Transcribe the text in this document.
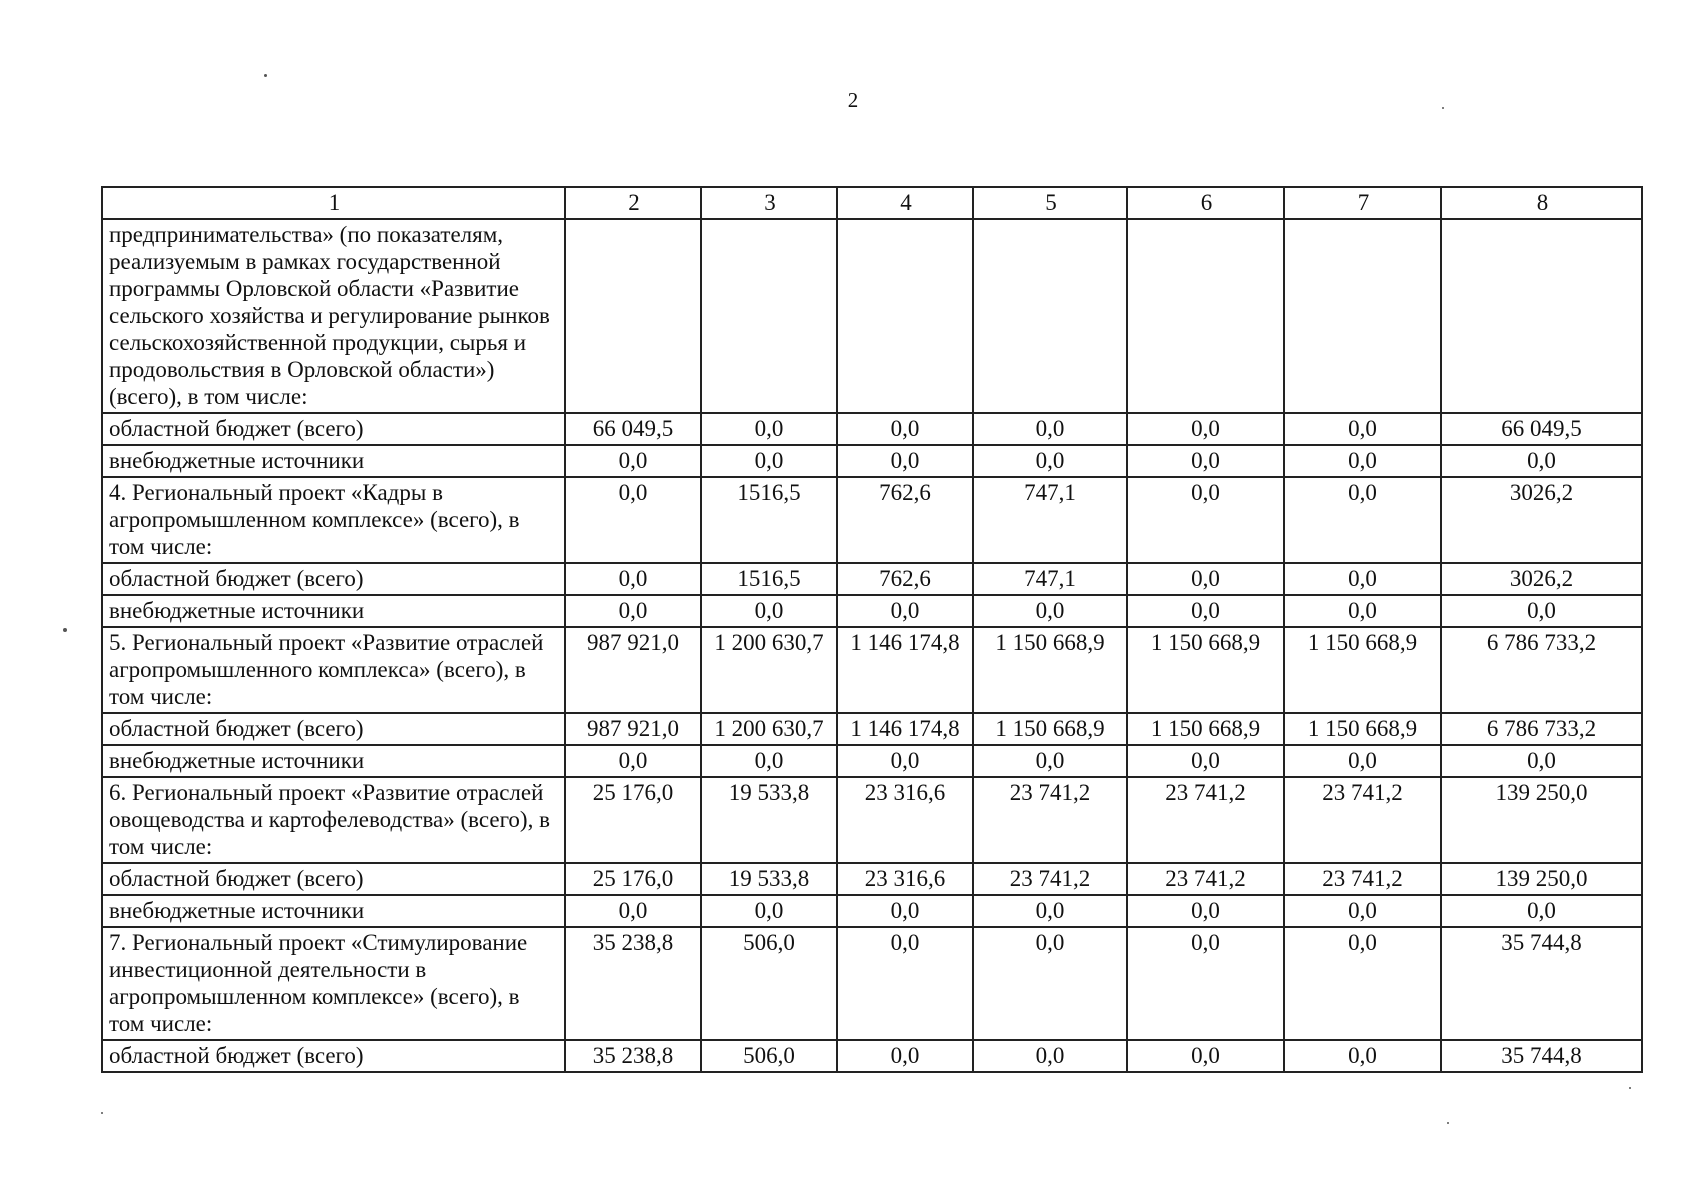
2
1	2	3	4	5	6	7	8
предпринимательства» (по показателям, реализуемым в рамках государственной программы Орловской области «Развитие сельского хозяйства и регулирование рынков сельскохозяйственной продукции, сырья и продовольствия в Орловской области») (всего), в том числе:							
областной бюджет (всего)	66 049,5	0,0	0,0	0,0	0,0	0,0	66 049,5
внебюджетные источники	0,0	0,0	0,0	0,0	0,0	0,0	0,0
4. Региональный проект «Кадры в агропромышленном комплексе» (всего), в том числе:	0,0	1516,5	762,6	747,1	0,0	0,0	3026,2
областной бюджет (всего)	0,0	1516,5	762,6	747,1	0,0	0,0	3026,2
внебюджетные источники	0,0	0,0	0,0	0,0	0,0	0,0	0,0
5. Региональный проект «Развитие отраслей агропромышленного комплекса» (всего), в том числе:	987 921,0	1 200 630,7	1 146 174,8	1 150 668,9	1 150 668,9	1 150 668,9	6 786 733,2
областной бюджет (всего)	987 921,0	1 200 630,7	1 146 174,8	1 150 668,9	1 150 668,9	1 150 668,9	6 786 733,2
внебюджетные источники	0,0	0,0	0,0	0,0	0,0	0,0	0,0
6. Региональный проект «Развитие отраслей овощеводства и картофелеводства» (всего), в том числе:	25 176,0	19 533,8	23 316,6	23 741,2	23 741,2	23 741,2	139 250,0
областной бюджет (всего)	25 176,0	19 533,8	23 316,6	23 741,2	23 741,2	23 741,2	139 250,0
внебюджетные источники	0,0	0,0	0,0	0,0	0,0	0,0	0,0
7. Региональный проект «Стимулирование инвестиционной деятельности в агропромышленном комплексе» (всего), в том числе:	35 238,8	506,0	0,0	0,0	0,0	0,0	35 744,8
областной бюджет (всего)	35 238,8	506,0	0,0	0,0	0,0	0,0	35 744,8
